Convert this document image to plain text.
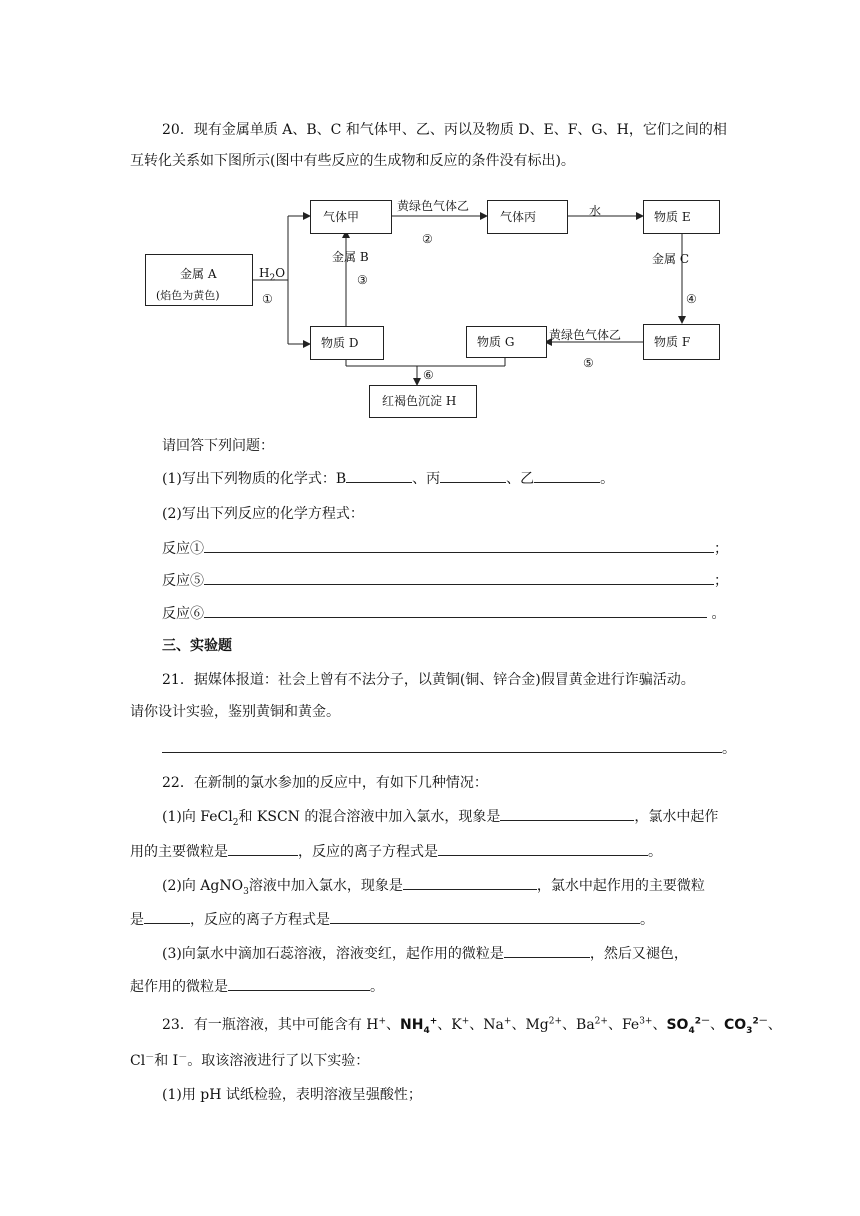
20．现有金属单质 A、B、C 和气体甲、乙、丙以及物质 D、E、F、G、H，它们之间的相
互转化关系如下图所示(图中有些反应的生成物和反应的条件没有标出)。
金属 A
(焰色为黄色)
气体甲	气体丙	物质 E
物质 D	物质 G	物质 F
红褐色沉淀 H
$H_2O$
①
黄绿色气体乙
②
水
金属 B
③
金属 C
④
黄绿色气体乙
⑤
⑥
请回答下列问题：
(1)写出下列物质的化学式：B	、丙	、乙	。
(2)写出下列反应的化学方程式：
反应①	；
反应⑤	；
反应⑥	。
三、实验题
21．据媒体报道：社会上曾有不法分子，以黄铜(铜、锌合金)假冒黄金进行诈骗活动。
请你设计实验，鉴别黄铜和黄金。
。
22．在新制的氯水参加的反应中，有如下几种情况：
(1)向 FeCl$_2$和 KSCN 的混合溶液中加入氯水，现象是	，氯水中起作
用的主要微粒是	，反应的离子方程式是	。
(2)向 AgNO$_3$溶液中加入氯水，现象是	，氯水中起作用的主要微粒
是	，反应的离子方程式是	。
(3)向氯水中滴加石蕊溶液，溶液变红，起作用的微粒是	，然后又褪色，
起作用的微粒是	。
23．有一瓶溶液，其中可能含有 H+、$NH_4^+$、K+、Na+、$Mg^{2+}$、$Ba^{2+}$、$Fe^{3+}$、$SO_4^{2-}$、$CO_3^{2-}$、
Cl－和 I－。取该溶液进行了以下实验：
(1)用 pH 试纸检验，表明溶液呈强酸性；
